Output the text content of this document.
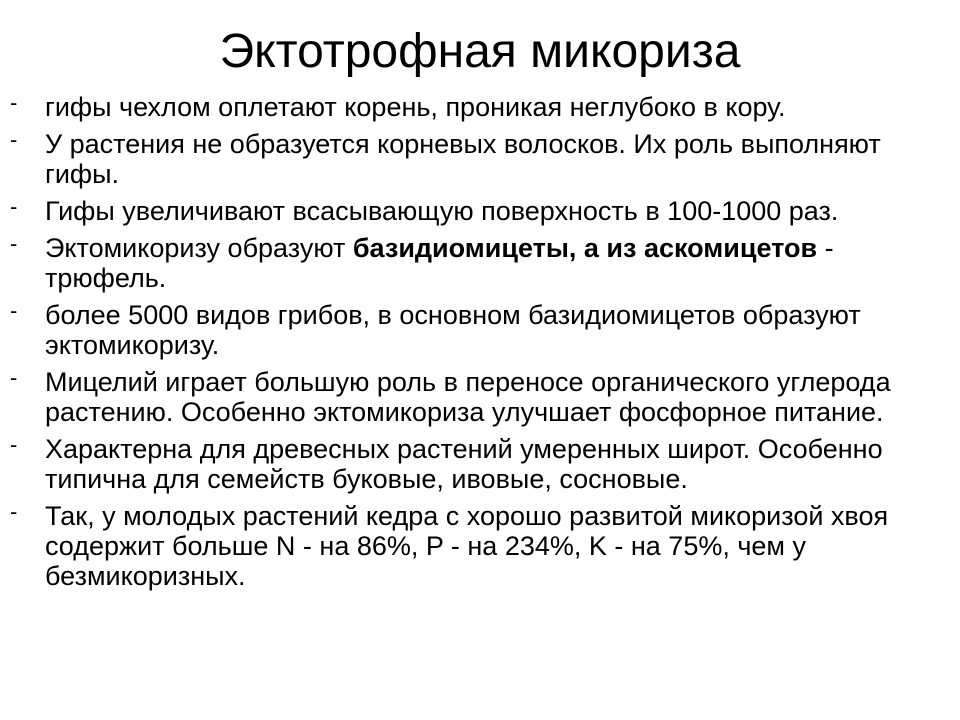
Эктотрофная микориза
- гифы чехлом оплетают корень, проникая неглубоко в кору.
- У растения не образуется корневых волосков. Их роль выполняют гифы.
- Гифы увеличивают всасывающую поверхность в 100-1000 раз.
- Эктомикоризу образуют базидиомицеты, а из аскомицетов - трюфель.
- более 5000 видов грибов, в основном базидиомицетов образуют эктомикоризу.
- Мицелий играет большую роль в переносе органического углерода растению. Особенно эктомикориза улучшает фосфорное питание.
- Характерна для древесных растений умеренных широт. Особенно типична для семейств буковые, ивовые, сосновые.
- Так, у молодых растений кедра с хорошо развитой микоризой хвоя содержит больше N - на 86%, P - на 234%, K - на 75%, чем у безмикоризных.
